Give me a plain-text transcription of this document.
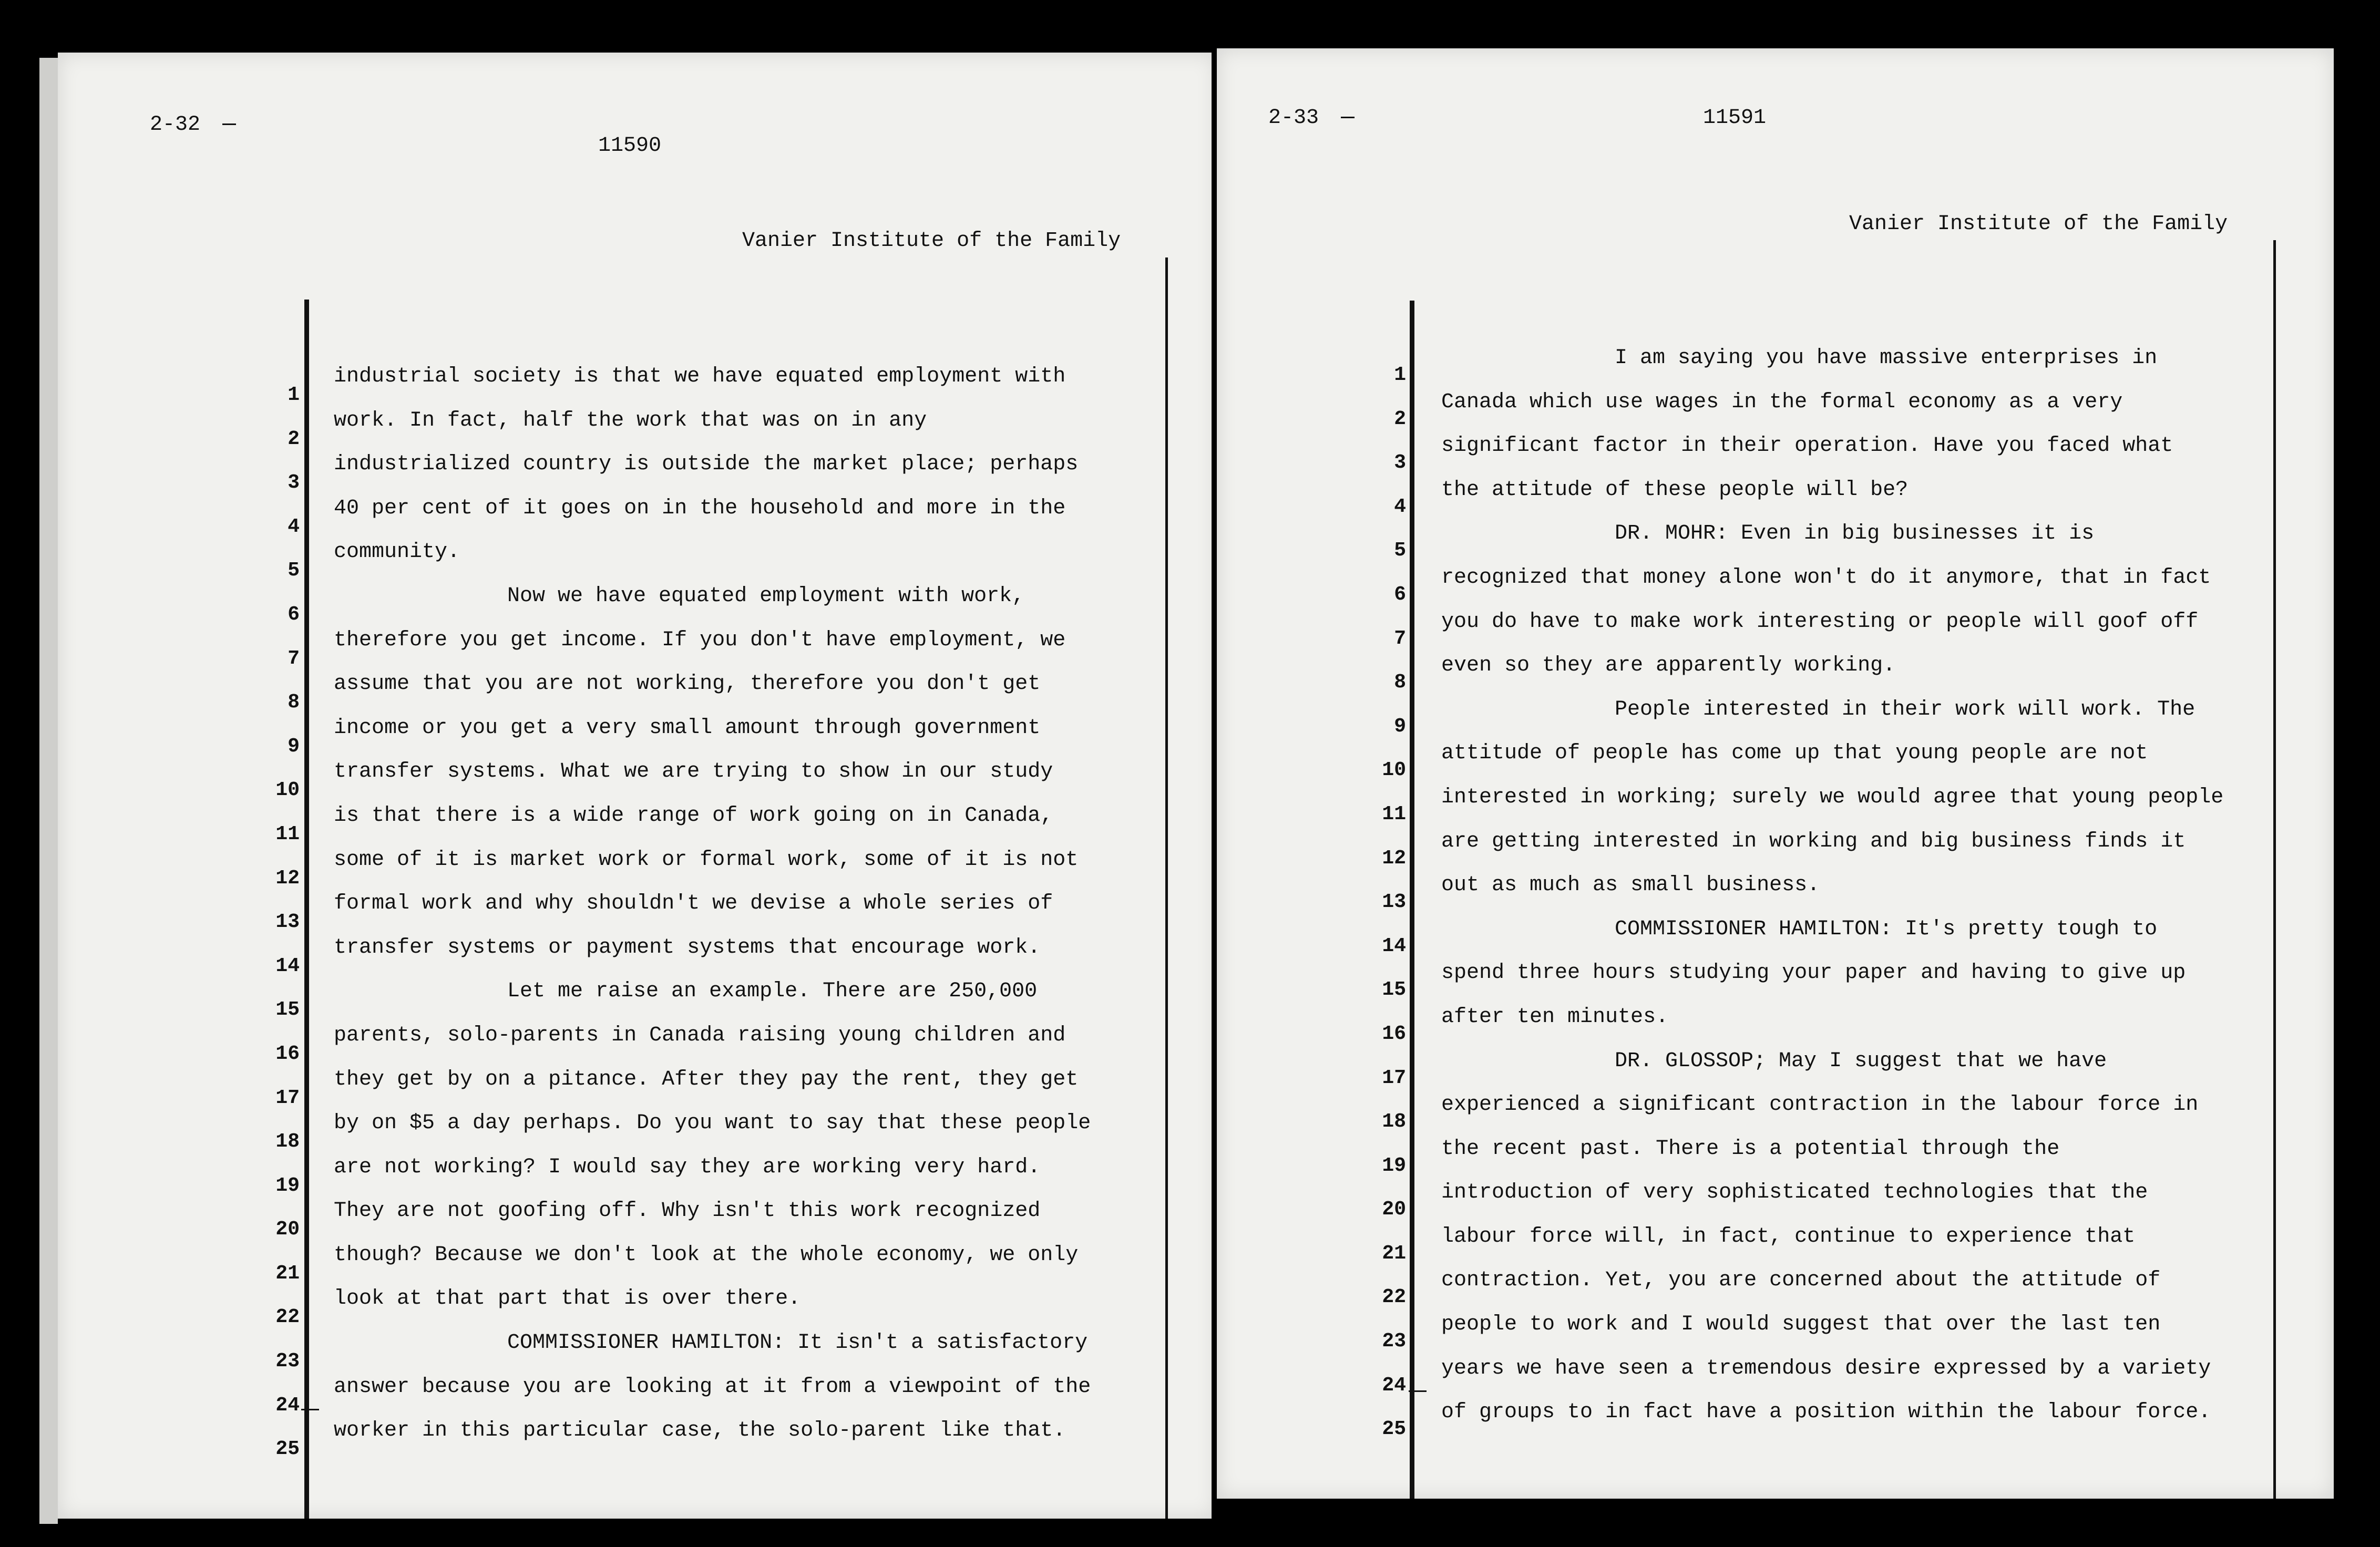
2-32
11590
Vanier Institute of the Family
1
2
3
4
5
6
7
8
9
10
11
12
13
14
15
16
17
18
19
20
21
22
23
24
25
industrial society is that we have equated employment with
work. In fact, half the work that was on in any
industrialized country is outside the market place; perhaps
40 per cent of it goes on in the household and more in the
community.
Now we have equated employment with work,
therefore you get income. If you don't have employment, we
assume that you are not working, therefore you don't get
income or you get a very small amount through government
transfer systems. What we are trying to show in our study
is that there is a wide range of work going on in Canada,
some of it is market work or formal work, some of it is not
formal work and why shouldn't we devise a whole series of
transfer systems or payment systems that encourage work.
Let me raise an example. There are 250,000
parents, solo-parents in Canada raising young children and
they get by on a pitance. After they pay the rent, they get
by on $5 a day perhaps. Do you want to say that these people
are not working? I would say they are working very hard.
They are not goofing off. Why isn't this work recognized
though? Because we don't look at the whole economy, we only
look at that part that is over there.
COMMISSIONER HAMILTON: It isn't a satisfactory
answer because you are looking at it from a viewpoint of the
worker in this particular case, the solo-parent like that.
2-33	11591
Vanier Institute of the Family
1
2
3
4
5
6
7
8
9
10
11
12
13
14
15
16
17
18
19
20
21
22
23
24
25
I am saying you have massive enterprises in
Canada which use wages in the formal economy as a very
significant factor in their operation. Have you faced what
the attitude of these people will be?
DR. MOHR: Even in big businesses it is
recognized that money alone won't do it anymore, that in fact
you do have to make work interesting or people will goof off
even so they are apparently working.
People interested in their work will work. The
attitude of people has come up that young people are not
interested in working; surely we would agree that young people
are getting interested in working and big business finds it
out as much as small business.
COMMISSIONER HAMILTON: It's pretty tough to
spend three hours studying your paper and having to give up
after ten minutes.
DR. GLOSSOP; May I suggest that we have
experienced a significant contraction in the labour force in
the recent past. There is a potential through the
introduction of very sophisticated technologies that the
labour force will, in fact, continue to experience that
contraction. Yet, you are concerned about the attitude of
people to work and I would suggest that over the last ten
years we have seen a tremendous desire expressed by a variety
of groups to in fact have a position within the labour force.
